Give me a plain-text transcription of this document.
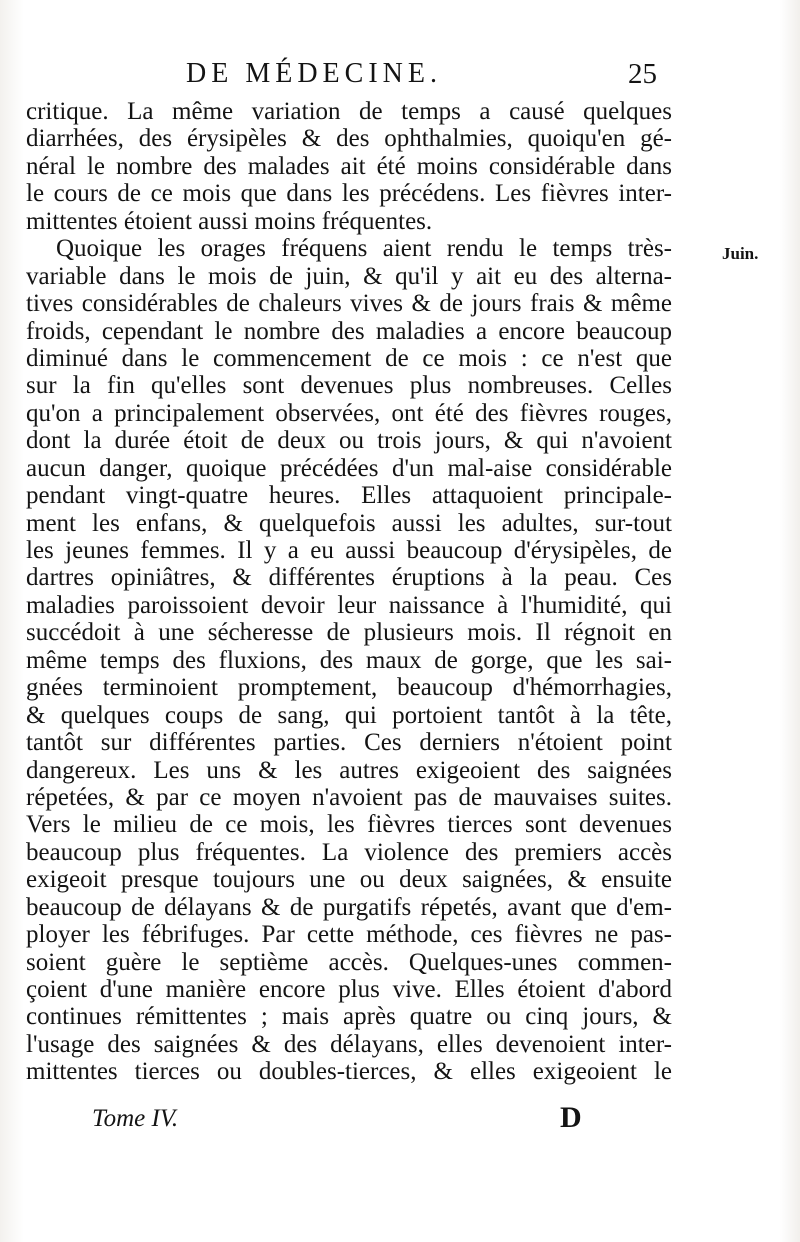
DE MÉDECINE.	25
Juin.
critique. La même variation de temps a causé quelques
diarrhées, des érysipèles & des ophthalmies, quoiqu'en gé-
néral le nombre des malades ait été moins considérable dans
le cours de ce mois que dans les précédens. Les fièvres inter-
mittentes étoient aussi moins fréquentes.
Quoique les orages fréquens aient rendu le temps très-
variable dans le mois de juin, & qu'il y ait eu des alterna-
tives considérables de chaleurs vives & de jours frais & même
froids, cependant le nombre des maladies a encore beaucoup
diminué dans le commencement de ce mois : ce n'est que
sur la fin qu'elles sont devenues plus nombreuses. Celles
qu'on a principalement observées, ont été des fièvres rouges,
dont la durée étoit de deux ou trois jours, & qui n'avoient
aucun danger, quoique précédées d'un mal-aise considérable
pendant vingt-quatre heures. Elles attaquoient principale-
ment les enfans, & quelquefois aussi les adultes, sur-tout
les jeunes femmes. Il y a eu aussi beaucoup d'érysipèles, de
dartres opiniâtres, & différentes éruptions à la peau. Ces
maladies paroissoient devoir leur naissance à l'humidité, qui
succédoit à une sécheresse de plusieurs mois. Il régnoit en
même temps des fluxions, des maux de gorge, que les sai-
gnées terminoient promptement, beaucoup d'hémorrhagies,
& quelques coups de sang, qui portoient tantôt à la tête,
tantôt sur différentes parties. Ces derniers n'étoient point
dangereux. Les uns & les autres exigeoient des saignées
répetées, & par ce moyen n'avoient pas de mauvaises suites.
Vers le milieu de ce mois, les fièvres tierces sont devenues
beaucoup plus fréquentes. La violence des premiers accès
exigeoit presque toujours une ou deux saignées, & ensuite
beaucoup de délayans & de purgatifs répetés, avant que d'em-
ployer les fébrifuges. Par cette méthode, ces fièvres ne pas-
soient guère le septième accès. Quelques-unes commen-
çoient d'une manière encore plus vive. Elles étoient d'abord
continues rémittentes ; mais après quatre ou cinq jours, &
l'usage des saignées & des délayans, elles devenoient inter-
mittentes tierces ou doubles-tierces, & elles exigeoient le
Tome IV.	D
